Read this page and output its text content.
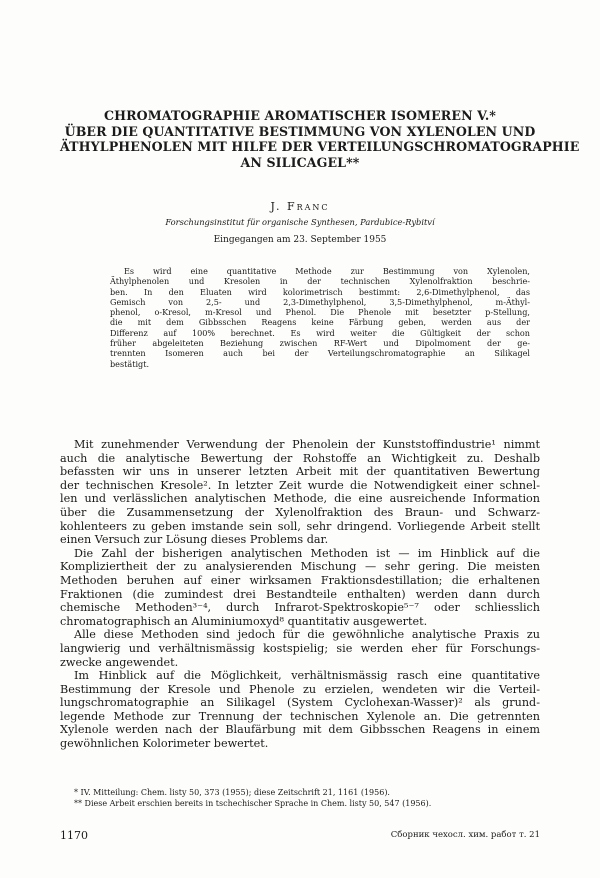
CHROMATOGRAPHIE AROMATISCHER ISOMEREN V.*
ÜBER DIE QUANTITATIVE BESTIMMUNG VON XYLENOLEN UND
ÄTHYLPHENOLEN MIT HILFE DER VERTEILUNGSCHROMATOGRAPHIE
AN SILICAGEL**
J. Franc
Forschungsinstitut für organische Synthesen, Pardubice-Rybitví
Eingegangen am 23. September 1955
Es wird eine quantitative Methode zur Bestimmung von Xylenolen,
Äthylphenolen und Kresolen in der technischen Xylenolfraktion beschrie-
ben. In den Eluaten wird kolorimetrisch bestimmt: 2,6-Dimethylphenol, das
Gemisch von 2,5- und 2,3-Dimethylphenol, 3,5-Dimethylphenol, m-Äthyl-
phenol, o-Kresol, m-Kresol und Phenol. Die Phenole mit besetzter p-Stellung,
die mit dem Gibbsschen Reagens keine Färbung geben, werden aus der
Differenz auf 100% berechnet. Es wird weiter die Gültigkeit der schon
früher abgeleiteten Beziehung zwischen RF-Wert und Dipolmoment der ge-
trennten Isomeren auch bei der Verteilungschromatographie an Silikagel
bestätigt.
Mit zunehmender Verwendung der Phenolein der Kunststoffindustrie¹ nimmt
auch die analytische Bewertung der Rohstoffe an Wichtigkeit zu. Deshalb
befassten wir uns in unserer letzten Arbeit mit der quantitativen Bewertung
der technischen Kresole². In letzter Zeit wurde die Notwendigkeit einer schnel-
len und verlässlichen analytischen Methode, die eine ausreichende Information
über die Zusammensetzung der Xylenolfraktion des Braun- und Schwarz-
kohlenteers zu geben imstande sein soll, sehr dringend. Vorliegende Arbeit stellt
einen Versuch zur Lösung dieses Problems dar.
Die Zahl der bisherigen analytischen Methoden ist — im Hinblick auf die
Kompliziertheit der zu analysierenden Mischung — sehr gering. Die meisten
Methoden beruhen auf einer wirksamen Fraktionsdestillation; die erhaltenen
Fraktionen (die zumindest drei Bestandteile enthalten) werden dann durch
chemische Methoden³⁻⁴, durch Infrarot-Spektroskopie⁵⁻⁷ oder schliesslich
chromatographisch an Aluminiumoxyd⁸ quantitativ ausgewertet.
Alle diese Methoden sind jedoch für die gewöhnliche analytische Praxis zu
langwierig und verhältnismässig kostspielig; sie werden eher für Forschungs-
zwecke angewendet.
Im Hinblick auf die Möglichkeit, verhältnismässig rasch eine quantitative
Bestimmung der Kresole und Phenole zu erzielen, wendeten wir die Verteil-
lungschromatographie an Silikagel (System Cyclohexan-Wasser)² als grund-
legende Methode zur Trennung der technischen Xylenole an. Die getrennten
Xylenole werden nach der Blaufärbung mit dem Gibbsschen Reagens in einem
gewöhnlichen Kolorimeter bewertet.
* IV. Mitteilung: Chem. listy 50, 373 (1955); diese Zeitschrift 21, 1161 (1956).
** Diese Arbeit erschien bereits in tschechischer Sprache in Chem. listy 50, 547 (1956).
1170	Сборник чехосл. хим. работ т. 21
